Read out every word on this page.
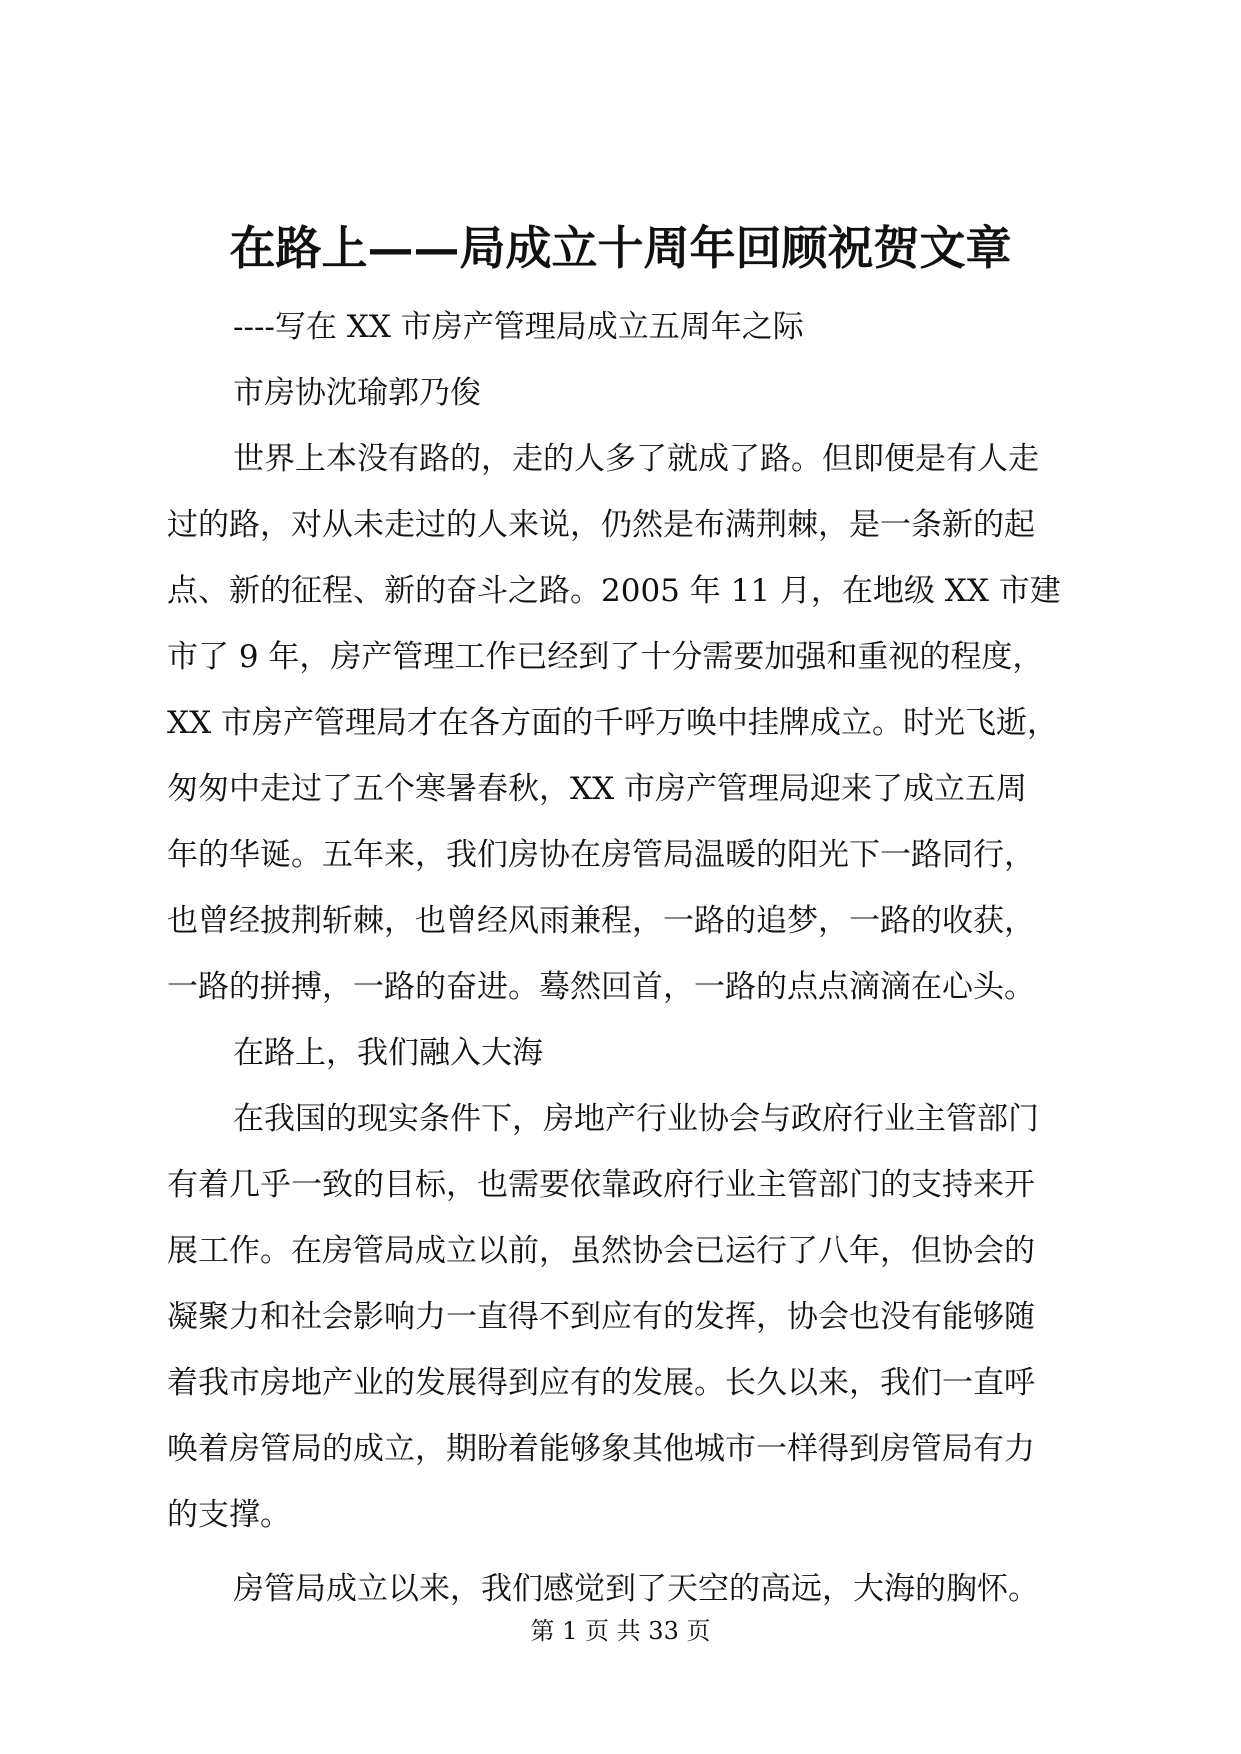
在路上——局成立十周年回顾祝贺文章
----写在 XX 市房产管理局成立五周年之际
市房协沈瑜郭乃俊
世界上本没有路的，走的人多了就成了路。但即便是有人走
过的路，对从未走过的人来说，仍然是布满荆棘，是一条新的起
点、新的征程、新的奋斗之路。2005 年 11 月，在地级 XX 市建
市了 9 年，房产管理工作已经到了十分需要加强和重视的程度，
XX 市房产管理局才在各方面的千呼万唤中挂牌成立。时光飞逝，
匆匆中走过了五个寒暑春秋，XX 市房产管理局迎来了成立五周
年的华诞。五年来，我们房协在房管局温暖的阳光下一路同行，
也曾经披荆斩棘，也曾经风雨兼程，一路的追梦，一路的收获，
一路的拼搏，一路的奋进。蓦然回首，一路的点点滴滴在心头。
在路上，我们融入大海
在我国的现实条件下，房地产行业协会与政府行业主管部门
有着几乎一致的目标，也需要依靠政府行业主管部门的支持来开
展工作。在房管局成立以前，虽然协会已运行了八年，但协会的
凝聚力和社会影响力一直得不到应有的发挥，协会也没有能够随
着我市房地产业的发展得到应有的发展。长久以来，我们一直呼
唤着房管局的成立，期盼着能够象其他城市一样得到房管局有力
的支撑。
房管局成立以来，我们感觉到了天空的高远，大海的胸怀。
第 1 页 共 33 页
